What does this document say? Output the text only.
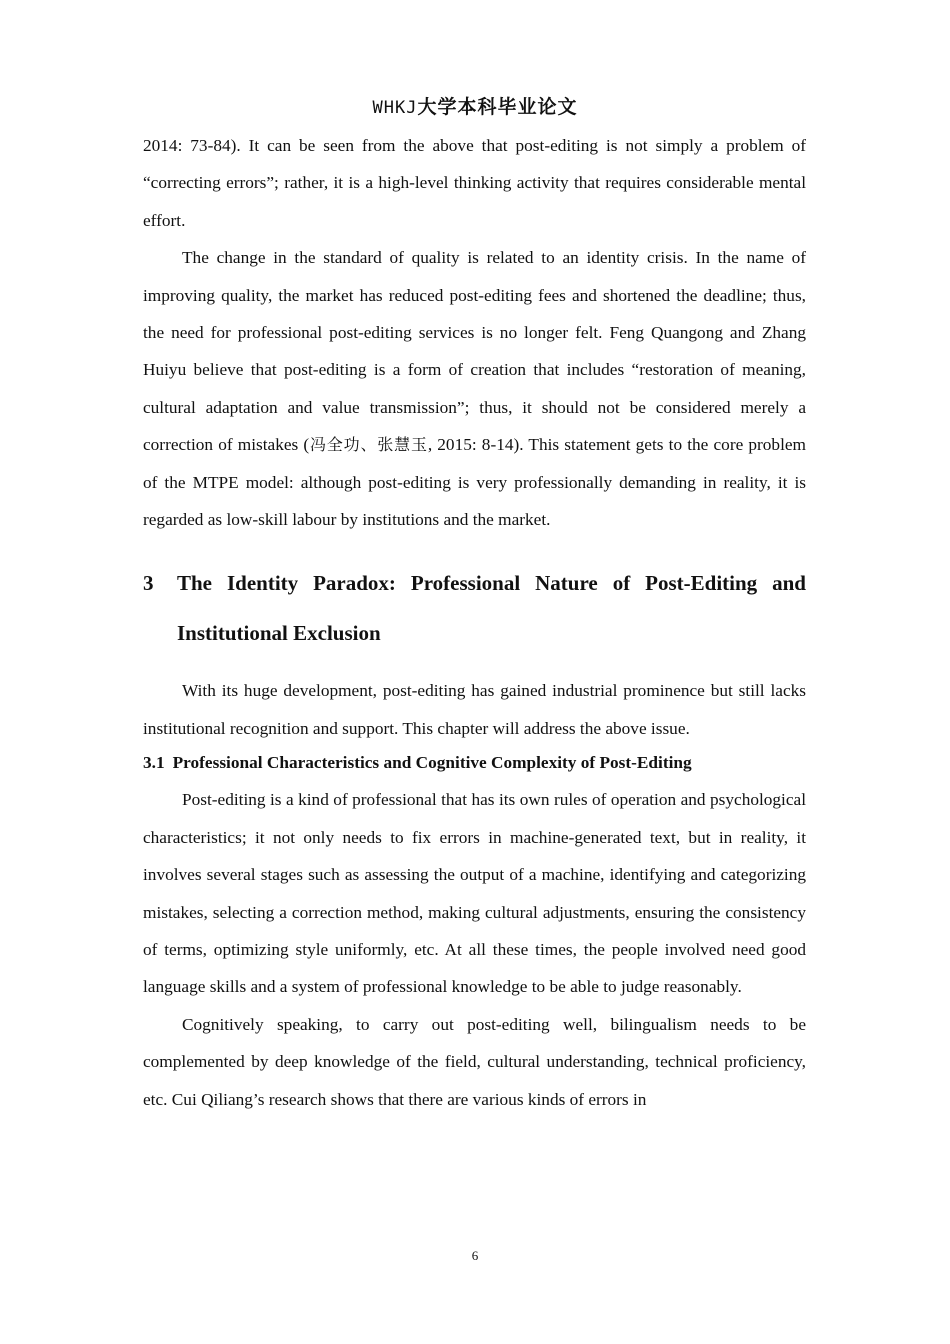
WHKJ大学本科毕业论文

2014: 73-84). It can be seen from the above that post-editing is not simply a problem of “correcting errors”; rather, it is a high-level thinking activity that requires considerable mental effort.

The change in the standard of quality is related to an identity crisis. In the name of improving quality, the market has reduced post-editing fees and shortened the deadline; thus, the need for professional post-editing services is no longer felt. Feng Quangong and Zhang Huiyu believe that post-editing is a form of creation that includes “restoration of meaning, cultural adaptation and value transmission”; thus, it should not be considered merely a correction of mistakes (冯全功、张慧玉, 2015: 8-14). This statement gets to the core problem of the MTPE model: although post-editing is very professionally demanding in reality, it is regarded as low-skill labour by institutions and the market.

3 The Identity Paradox: Professional Nature of Post-Editing and Institutional Exclusion

With its huge development, post-editing has gained industrial prominence but still lacks institutional recognition and support. This chapter will address the above issue.

3.1 Professional Characteristics and Cognitive Complexity of Post-Editing

Post-editing is a kind of professional that has its own rules of operation and psychological characteristics; it not only needs to fix errors in machine-generated text, but in reality, it involves several stages such as assessing the output of a machine, identifying and categorizing mistakes, selecting a correction method, making cultural adjustments, ensuring the consistency of terms, optimizing style uniformly, etc. At all these times, the people involved need good language skills and a system of professional knowledge to be able to judge reasonably.

Cognitively speaking, to carry out post-editing well, bilingualism needs to be complemented by deep knowledge of the field, cultural understanding, technical proficiency, etc. Cui Qiliang’s research shows that there are various kinds of errors in

6
